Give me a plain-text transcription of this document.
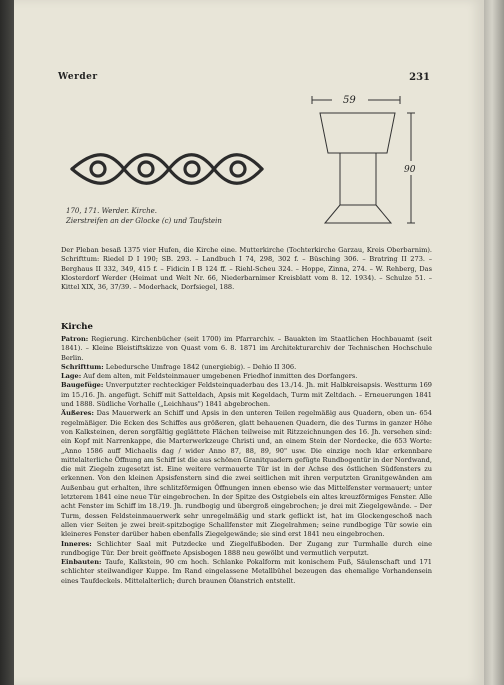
Werder	231
170, 171. Werder. Kirche.
Zierstreifen an der Glocke (c) und Taufstein
59
90

Der Pleban besaß 1375 vier Hufen, die Kirche eine. Mutterkirche (Tochterkirche Garzau, Kreis Oberbarnim). Schrifttum: Riedel D I 190; SB. 293. – Landbuch I 74, 298, 302 f. – Büsching 306. – Bratring II 273. – Berghaus II 332, 349, 415 f. – Fidicin I B 124 ff. – Riehl-Scheu 324. – Hoppe, Zinna, 274. – W. Rehberg, Das Klosterdorf Werder (Heimat und Welt Nr. 66, Niederbarnimer Kreisblatt vom 8. 12. 1934). – Schulze 51. – Kittel XIX, 36, 37/39. – Moderhack, Dorfsiegel, 188.

Kirche

Patron: Regierung. Kirchenbücher (seit 1700) im Pfarrarchiv. – Bauakten im Staatlichen Hochbauamt (seit 1841). – Kleine Bleistiftskizze von Quast vom 6. 8. 1871 im Architekturarchiv der Technischen Hochschule Berlin.

Schrifttum: Lebedursche Umfrage 1842 (unergiebig). – Dehio II 306.

Lage: Auf dem alten, mit Feldsteinmauer umgebenen Friedhof inmitten des Dorfangers.

Baugefüge: Unverputzter rechteckiger Feldsteinquaderbau des 13./14. Jh. mit Halbkreisapsis. Westturm 169 im 15./16. Jh. angefügt. Schiff mit Satteldach, Apsis mit Kegeldach, Turm mit Zeltdach. – Erneuerungen 1841 und 1888. Südliche Vorhalle („Leichhaus") 1841 abgebrochen.

Äußeres: Das Mauerwerk an Schiff und Apsis in den unteren Teilen regelmäßig aus Quadern, oben un- 654 regelmäßiger. Die Ecken des Schiffes aus größeren, glatt behauenen Quadern, die des Turms in ganzer Höhe von Kalksteinen, deren sorgfältig geglättete Flächen teilweise mit Ritzzeichnungen des 16. Jh. versehen sind: ein Kopf mit Narrenkappe, die Marterwerkzeuge Christi und, an einem Stein der Nordecke, die 653 Worte: „Anno 1586 auff Michaelis dag / wider Anno 87, 88, 89, 90" usw. Die einzige noch klar erkennbare mittelalterliche Öffnung am Schiff ist die aus schönen Granitquadern gefügte Rundbogentür in der Nordwand, die mit Ziegeln zugesetzt ist. Eine weitere vermauerte Tür ist in der Achse des östlichen Südfensters zu erkennen. Von den kleinen Apsisfenstern sind die zwei seitlichen mit ihren verputzten Granitgewänden am Außenbau gut erhalten, ihre schlitzförmigen Öffnungen innen ebenso wie das Mittelfenster vermauert; unter letzterem 1841 eine neue Tür eingebrochen. In der Spitze des Ostgiebels ein altes kreuzförmiges Fenster. Alle acht Fenster im Schiff im 18./19. Jh. rundbogig und übergroß eingebrochen; je drei mit Ziegelgewände. – Der Turm, dessen Feldsteinmauerwerk sehr unregelmäßig und stark geflickt ist, hat im Glockengeschoß nach allen vier Seiten je zwei breit-spitzbogige Schallfenster mit Ziegelrahmen; seine rundbogige Tür sowie ein kleineres Fenster darüber haben ebenfalls Ziegelgewände; sie sind erst 1841 neu eingebrochen.

Inneres: Schlichter Saal mit Putzdecke und Ziegelfußboden. Der Zugang zur Turmhalle durch eine rundbogige Tür. Der breit geöffnete Apsisbogen 1888 neu gewölbt und vermutlich verputzt.

Einbauten: Taufe, Kalkstein, 90 cm hoch. Schlanke Pokalform mit konischem Fuß, Säulenschaft und 171 schlichter steilwandiger Kuppe. Im Rand eingelassene Metallbühel bezeugen das ehemalige Vorhandensein eines Taufdeckels. Mittelalterlich; durch braunen Ölanstrich entstellt.
